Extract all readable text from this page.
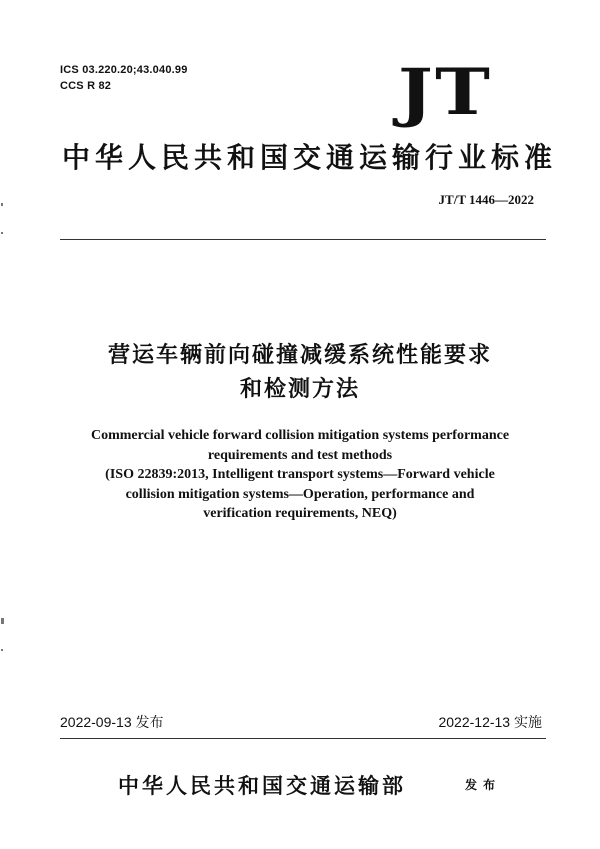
ICS 03.220.20;43.040.99
CCS R 82	JT
中华人民共和国交通运输行业标准
JT/T 1446—2022
营运车辆前向碰撞减缓系统性能要求
和检测方法
Commercial vehicle forward collision mitigation systems performance
requirements and test methods
(ISO 22839:2013, Intelligent transport systems—Forward vehicle
collision mitigation systems—Operation, performance and
verification requirements, NEQ)
2022-09-13 发布	2022-12-13 实施
中华人民共和国交通运输部	发布
